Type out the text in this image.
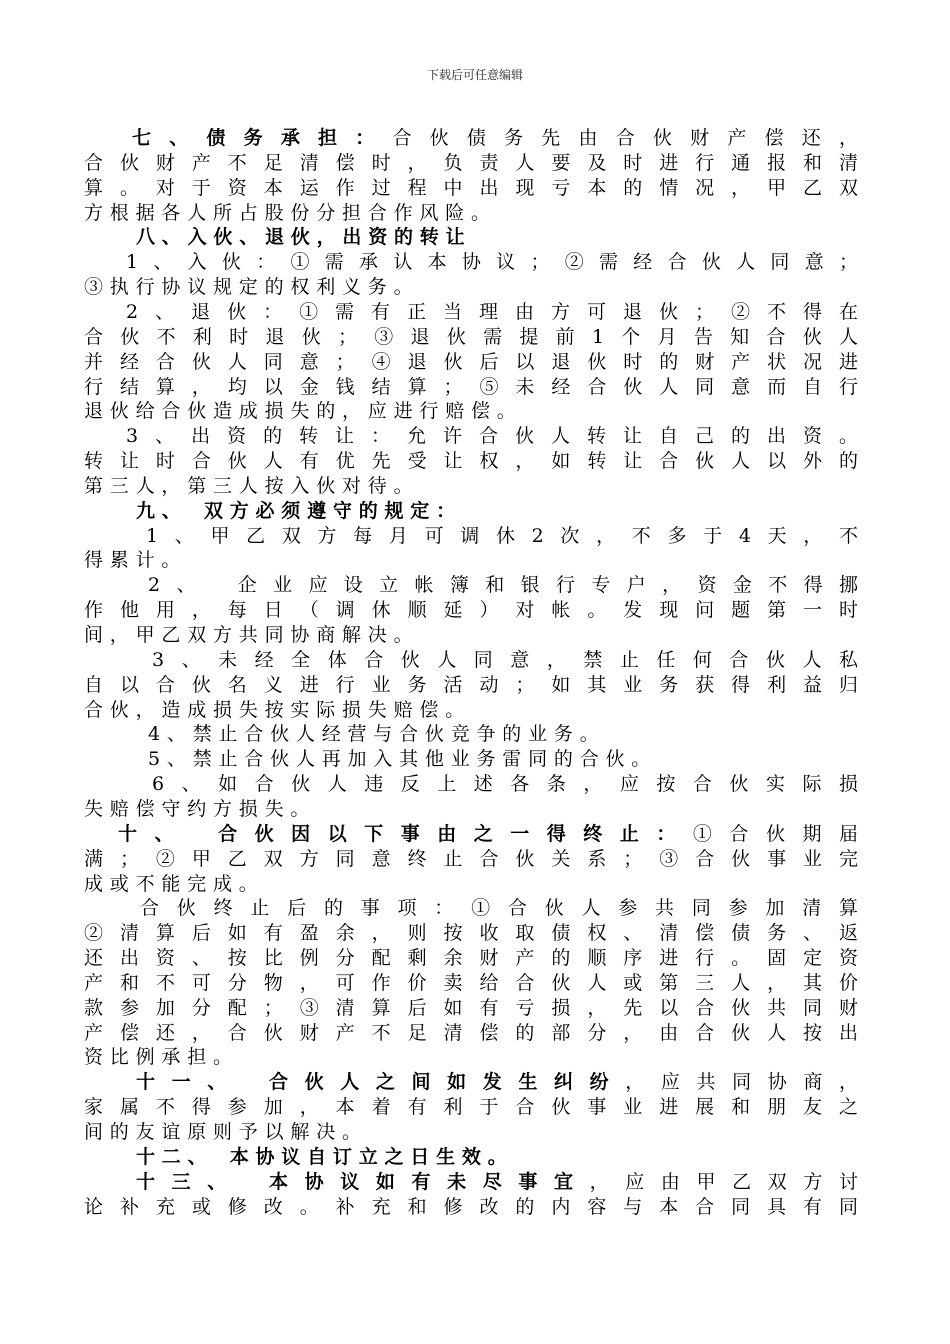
下载后可任意编辑
七、债务承担：合伙债务先由合伙财产偿还，
合伙财产不足清偿时，负责人要及时进行通报和清
算。对于资本运作过程中出现亏本的情况，甲乙双
方根据各人所占股份分担合作风险。
八、入伙、退伙，出资的转让
1、入伙：①需承认本协议；②需经合伙人同意；
③执行协议规定的权利义务。
2、退伙：①需有正当理由方可退伙；②不得在
合伙不利时退伙；③退伙需提前1个月告知合伙人
并经合伙人同意；④退伙后以退伙时的财产状况进
行结算，均以金钱结算；⑤未经合伙人同意而自行
退伙给合伙造成损失的，应进行赔偿。
3、出资的转让：允许合伙人转让自己的出资。
转让时合伙人有优先受让权，如转让合伙人以外的
第三人，第三人按入伙对待。
九、　双方必须遵守的规定：
1、甲乙双方每月可调休2次，不多于4天，不
得累计。
2、　企业应设立帐簿和银行专户，资金不得挪
作他用，每日（调休顺延）对帐。发现问题第一时
间，甲乙双方共同协商解决。
3、未经全体合伙人同意，禁止任何合伙人私
自以合伙名义进行业务活动；如其业务获得利益归
合伙，造成损失按实际损失赔偿。
4、禁止合伙人经营与合伙竞争的业务。
5、禁止合伙人再加入其他业务雷同的合伙。
6、如合伙人违反上述各条，应按合伙实际损
失赔偿守约方损失。
十、　合伙因以下事由之一得终止：①合伙期届
满；②甲乙双方同意终止合伙关系；③合伙事业完
成或不能完成。
合伙终止后的事项：①合伙人参共同参加清算
②清算后如有盈余，则按收取债权、清偿债务、返
还出资、按比例分配剩余财产的顺序进行。固定资
产和不可分物，可作价卖给合伙人或第三人，其价
款参加分配；③清算后如有亏损，先以合伙共同财
产偿还，合伙财产不足清偿的部分，由合伙人按出
资比例承担。
十一、　合伙人之间如发生纠纷，应共同协商，
家属不得参加，本着有利于合伙事业进展和朋友之
间的友谊原则予以解决。
十二、　本协议自订立之日生效。
十三、　本协议如有未尽事宜，应由甲乙双方讨
论补充或修改。补充和修改的内容与本合同具有同
